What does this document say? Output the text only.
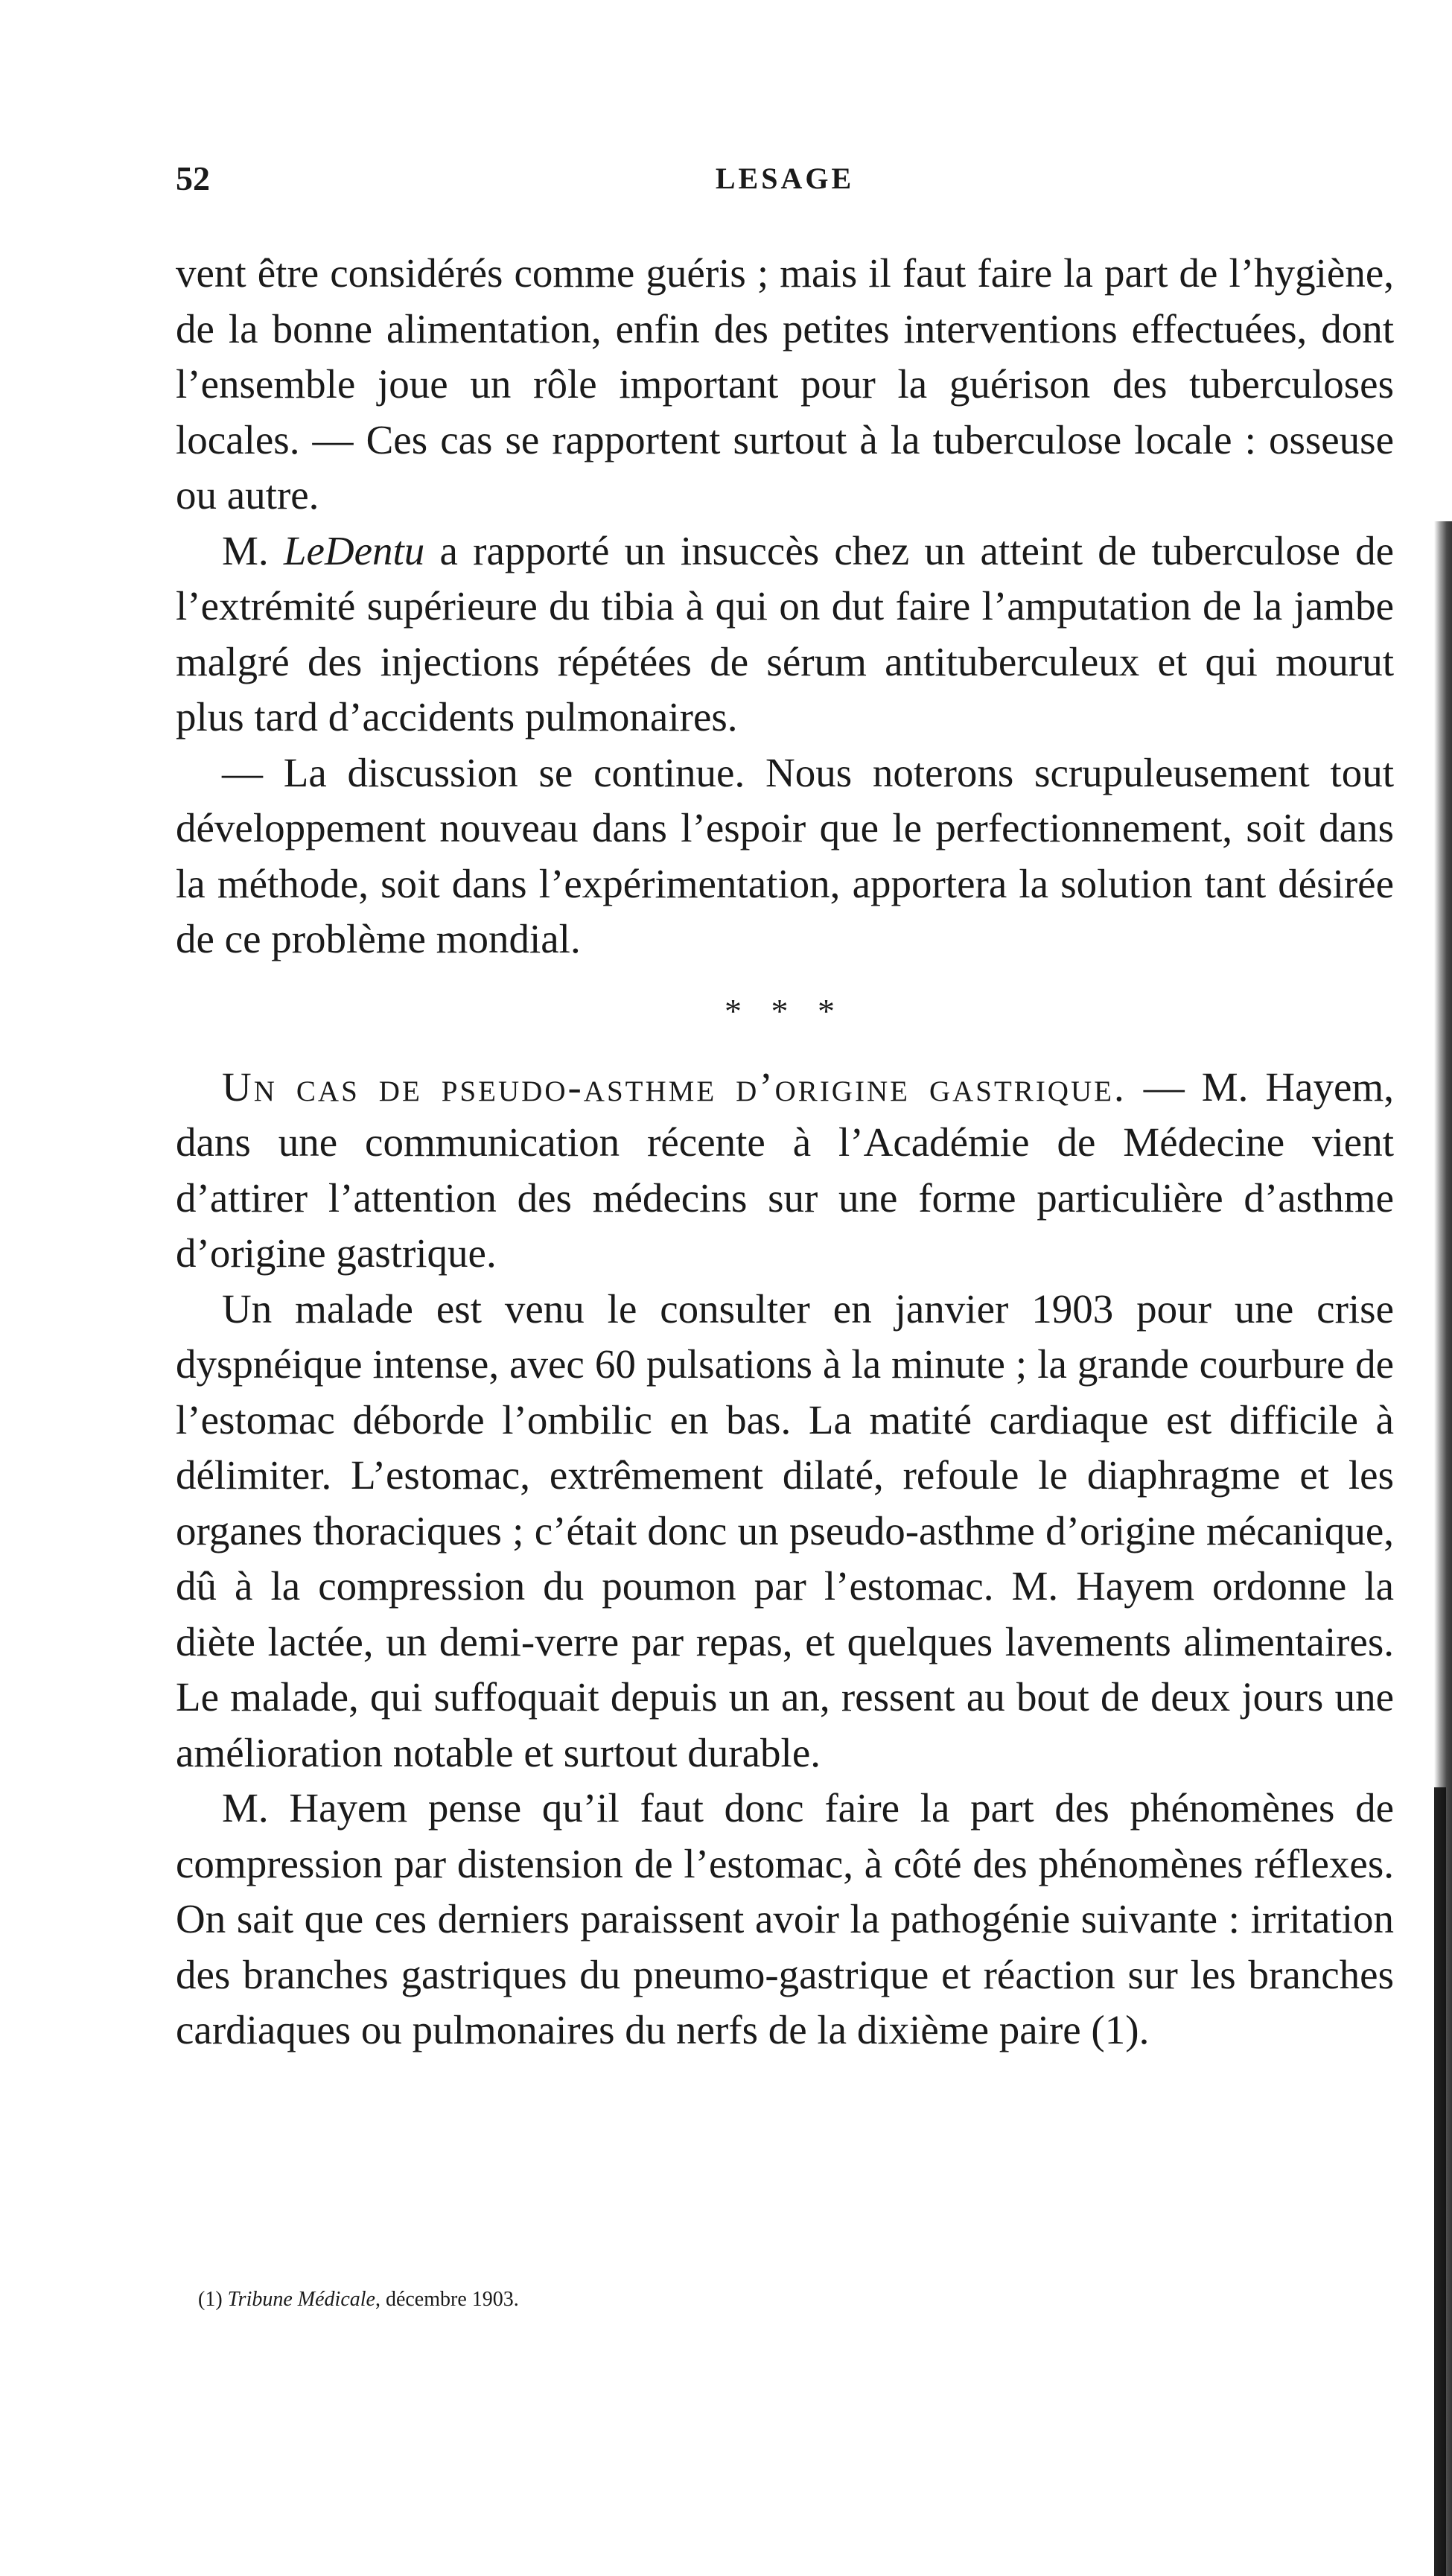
52	LESAGE

vent être considérés comme guéris ; mais il faut faire la part de l’hygiène, de la bonne alimentation, enfin des petites interventions effectuées, dont l’ensemble joue un rôle important pour la guérison des tuberculoses locales. — Ces cas se rapportent surtout à la tuberculose locale : osseuse ou autre.

M. LeDentu a rapporté un insuccès chez un atteint de tuberculose de l’extrémité supérieure du tibia à qui on dut faire l’amputation de la jambe malgré des injections répétées de sérum antituberculeux et qui mourut plus tard d’accidents pulmonaires.

— La discussion se continue. Nous noterons scrupuleusement tout développement nouveau dans l’espoir que le perfectionnement, soit dans la méthode, soit dans l’expérimentation, apportera la solution tant désirée de ce problème mondial.

* * *

Un cas de pseudo-asthme d’origine gastrique. — M. Hayem, dans une communication récente à l’Académie de Médecine vient d’attirer l’attention des médecins sur une forme particulière d’asthme d’origine gastrique.

Un malade est venu le consulter en janvier 1903 pour une crise dyspnéique intense, avec 60 pulsations à la minute ; la grande courbure de l’estomac déborde l’ombilic en bas. La matité cardiaque est difficile à délimiter. L’estomac, extrêmement dilaté, refoule le diaphragme et les organes thoraciques ; c’était donc un pseudo-asthme d’origine mécanique, dû à la compression du poumon par l’estomac. M. Hayem ordonne la diète lactée, un demi-verre par repas, et quelques lavements alimentaires. Le malade, qui suffoquait depuis un an, ressent au bout de deux jours une amélioration notable et surtout durable.

M. Hayem pense qu’il faut donc faire la part des phénomènes de compression par distension de l’estomac, à côté des phénomènes réflexes. On sait que ces derniers paraissent avoir la pathogénie suivante : irritation des branches gastriques du pneumo-gastrique et réaction sur les branches cardiaques ou pulmonaires du nerfs de la dixième paire (1).

(1) Tribune Médicale, décembre 1903.
